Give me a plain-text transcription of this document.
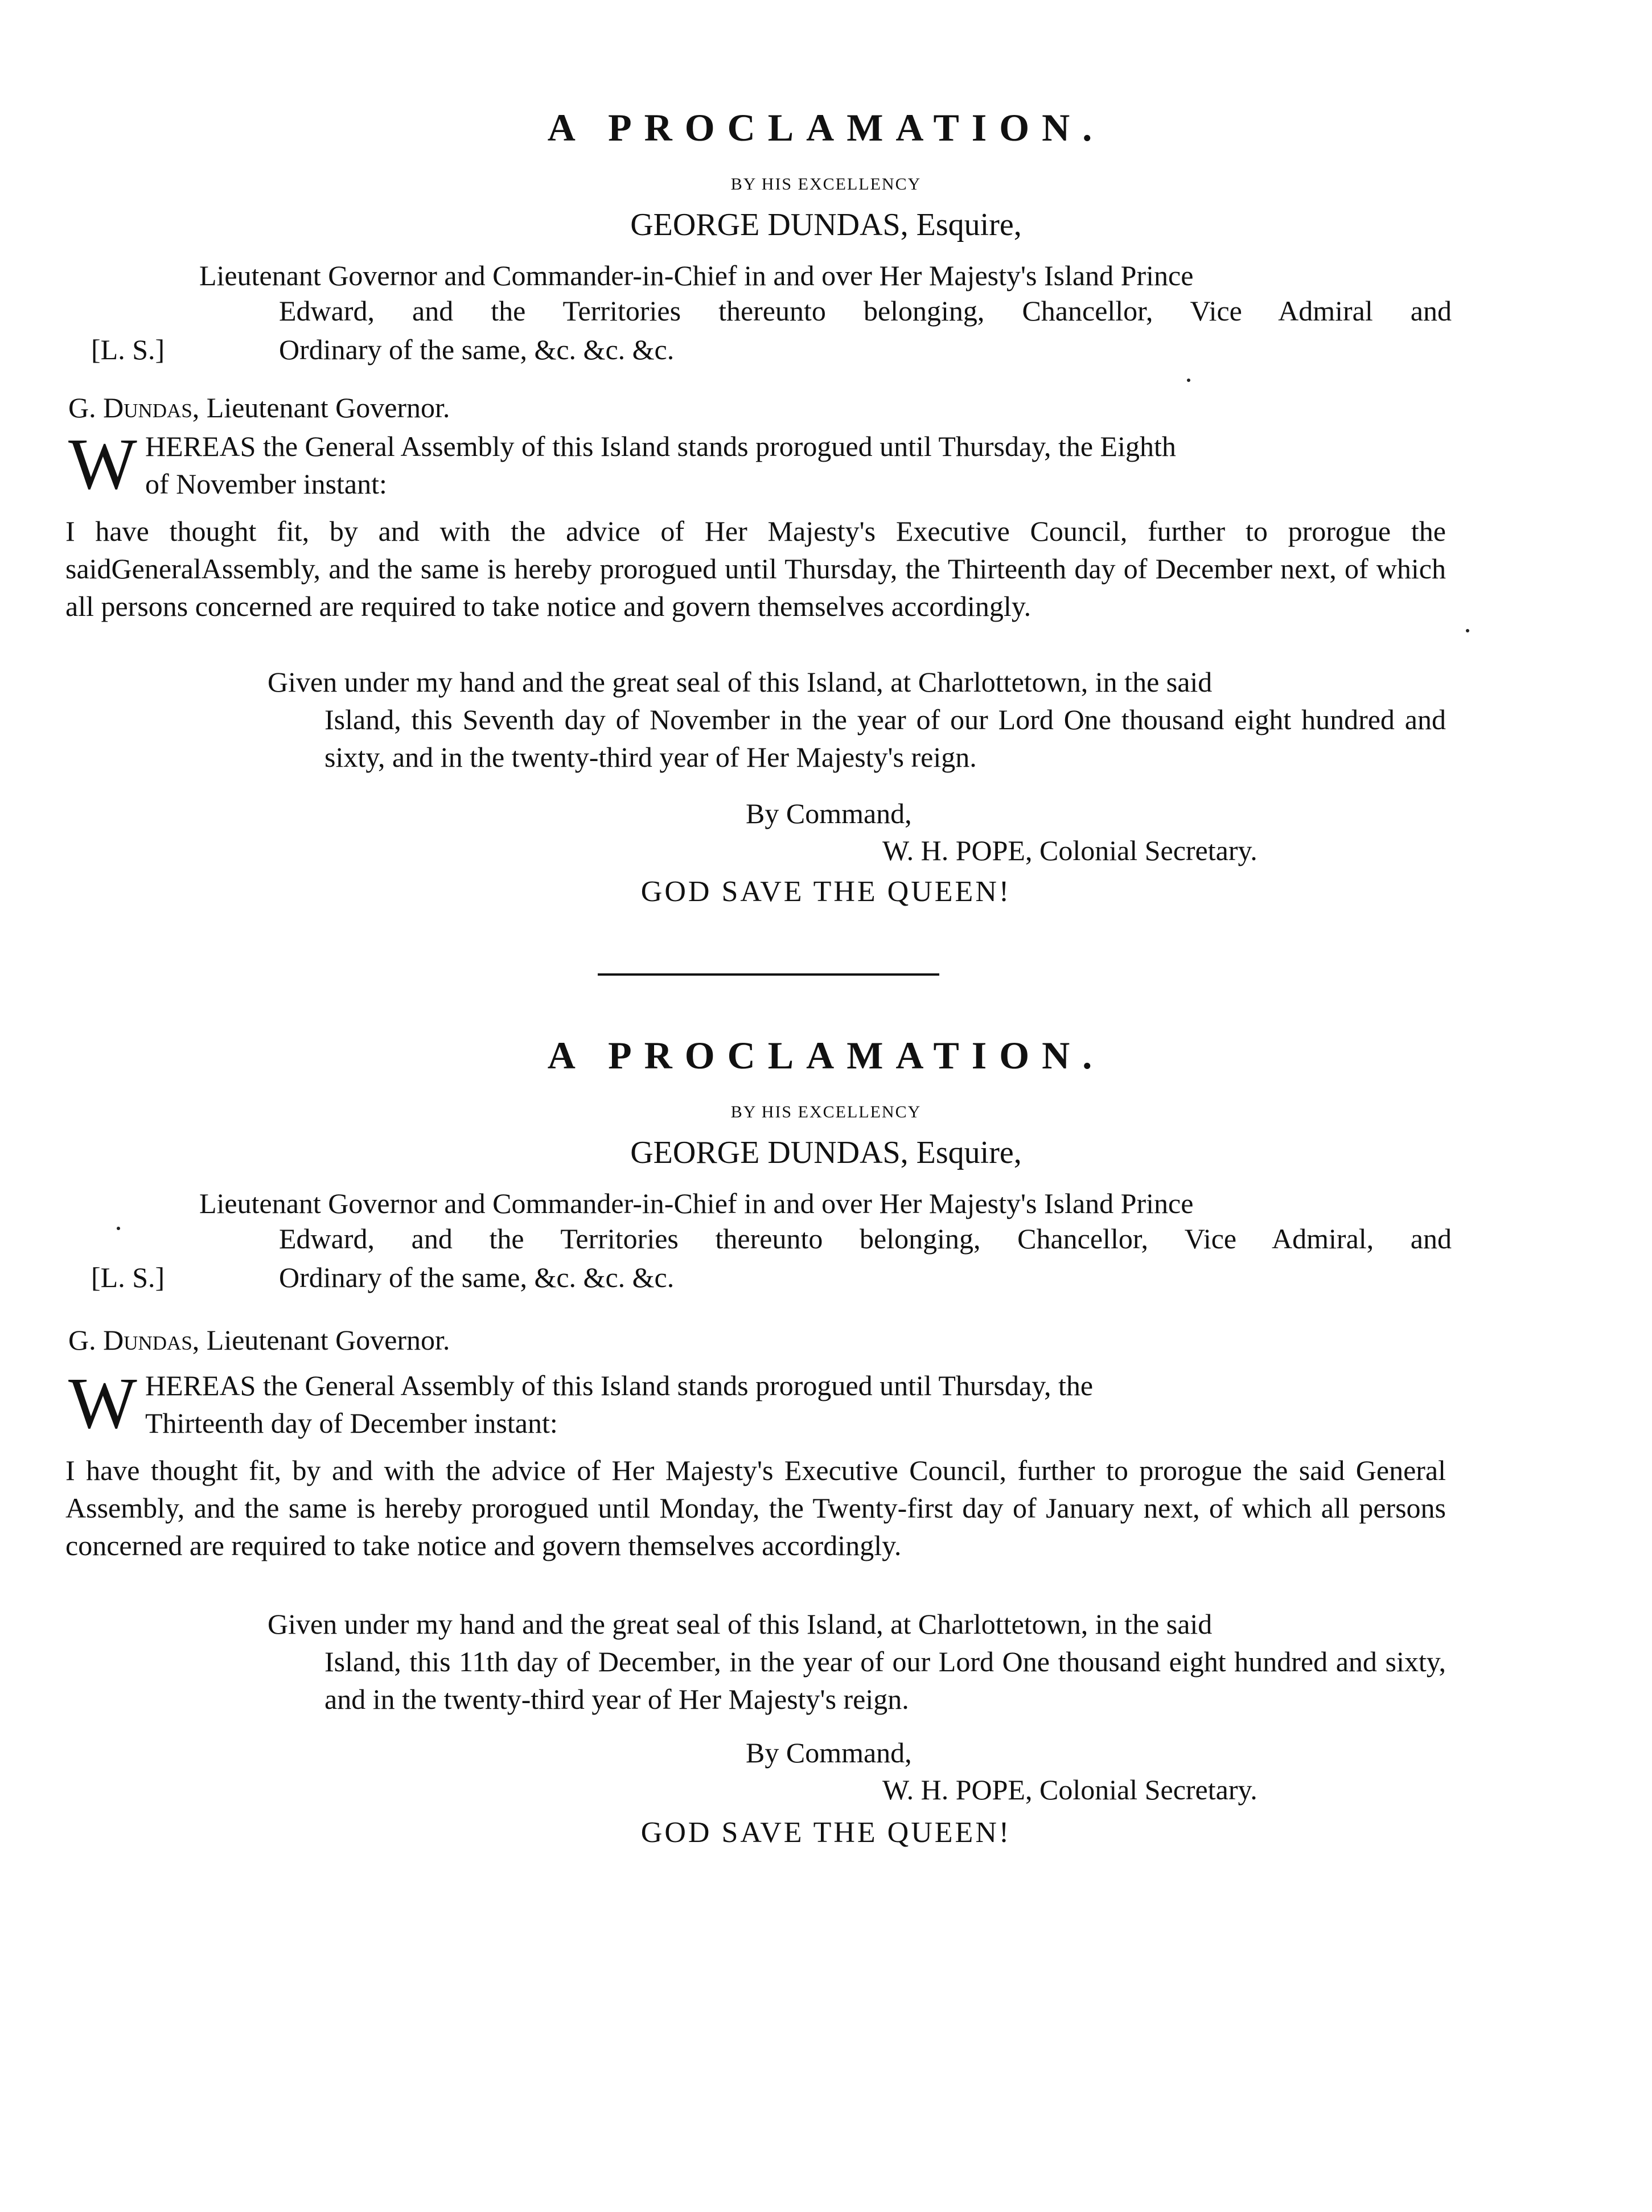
A PROCLAMATION.
BY HIS EXCELLENCY
GEORGE DUNDAS, Esquire,
Lieutenant Governor and Commander-in-Chief in and over Her Majesty's Island Prince
Edward, and the Territories thereunto belonging, Chancellor, Vice Admiral and
[L. S.]	Ordinary of the same, &c. &c. &c.
G. Dundas, Lieutenant Governor.
W HEREAS the General Assembly of this Island stands prorogued until Thursday, the Eighth
of November instant:

I have thought fit, by and with the advice of Her Majesty's Executive Council, further to prorogue the saidGeneralAssembly, and the same is hereby prorogued until Thursday, the Thirteenth day of December next, of which all persons concerned are required to take notice and govern themselves accordingly.

Given under my hand and the great seal of this Island, at Charlottetown, in the said
Island, this Seventh day of November in the year of our Lord One thousand eight hundred and sixty, and in the twenty-third year of Her Majesty's reign.
By Command,
W. H. POPE, Colonial Secretary.
GOD SAVE THE QUEEN!
A PROCLAMATION.
BY HIS EXCELLENCY
GEORGE DUNDAS, Esquire,
Lieutenant Governor and Commander-in-Chief in and over Her Majesty's Island Prince
Edward, and the Territories thereunto belonging, Chancellor, Vice Admiral, and
[L. S.]	Ordinary of the same, &c. &c. &c.
G. Dundas, Lieutenant Governor.
W HEREAS the General Assembly of this Island stands prorogued until Thursday, the
Thirteenth day of December instant:

I have thought fit, by and with the advice of Her Majesty's Executive Council, further to prorogue the said General Assembly, and the same is hereby prorogued until Monday, the Twenty-first day of January next, of which all persons concerned are required to take notice and govern themselves accordingly.

Given under my hand and the great seal of this Island, at Charlottetown, in the said
Island, this 11th day of December, in the year of our Lord One thousand eight hundred and sixty, and in the twenty-third year of Her Majesty's reign.
By Command,
W. H. POPE, Colonial Secretary.
GOD SAVE THE QUEEN!
